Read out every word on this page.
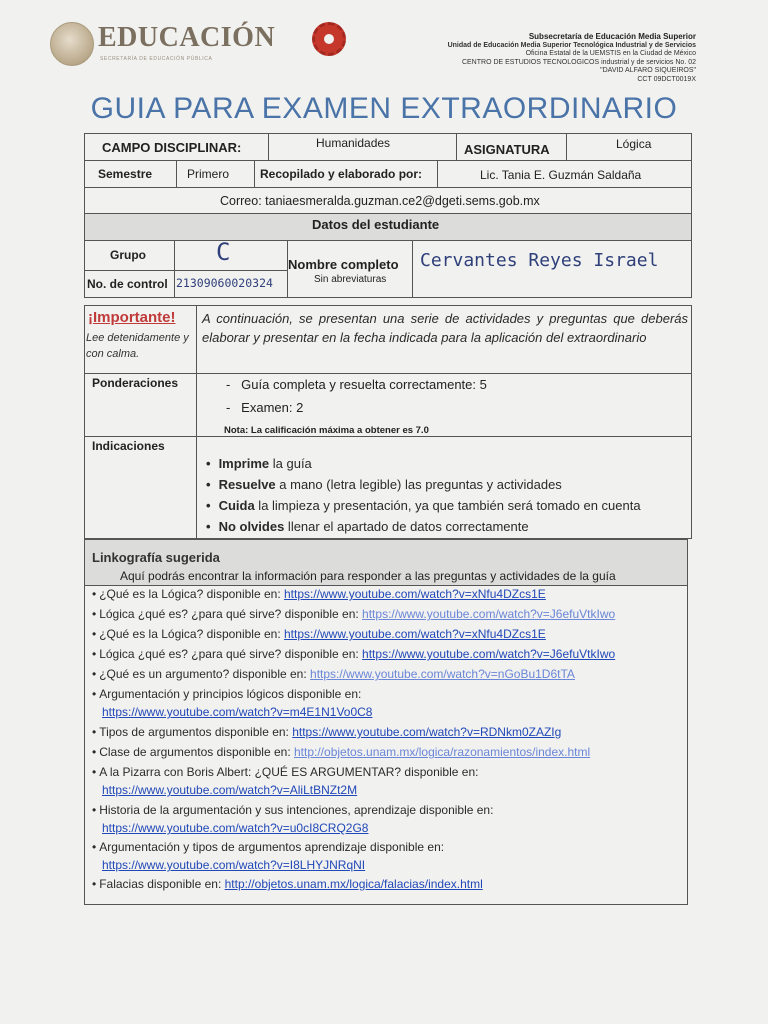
EDUCACIÓN
SECRETARÍA DE EDUCACIÓN PÚBLICA
Subsecretaría de Educación Media Superior
Unidad de Educación Media Superior Tecnológica Industrial y de Servicios
Oficina Estatal de la UEMSTIS en la Ciudad de México
CENTRO DE ESTUDIOS TECNOLOGICOS industrial y de servicios No. 02
"DAVID ALFARO SIQUEIROS"
CCT 09DCT0019X
GUIA PARA EXAMEN EXTRAORDINARIO
CAMPO DISCIPLINAR:	Humanidades	ASIGNATURA	Lógica
Semestre	Primero	Recopilado y elaborado por:	Lic. Tania E. Guzmán Saldaña
Correo: taniaesmeralda.guzman.ce2@dgeti.sems.gob.mx
Datos del estudiante
Grupo	C
No. de control 21309060020324
Nombre completo
Sin abreviaturas
Cervantes Reyes Israel
¡Importante!
Lee detenidamente y con calma.
A continuación, se presentan una serie de actividades y preguntas que deberás elaborar y presentar en la fecha indicada para la aplicación del extraordinario
Ponderaciones	-   Guía completa y resuelta correctamente: 5
-   Examen: 2
Nota: La calificación máxima a obtener es 7.0
Indicaciones
• Imprime la guía
• Resuelve a mano (letra legible) las preguntas y actividades
• Cuida la limpieza y presentación, ya que también será tomado en cuenta
• No olvides llenar el apartado de datos correctamente
Linkografía sugerida
Aquí podrás encontrar la información para responder a las preguntas y actividades de la guía
• ¿Qué es la Lógica? disponible en: https://www.youtube.com/watch?v=xNfu4DZcs1E
• Lógica ¿qué es? ¿para qué sirve? disponible en: https://www.youtube.com/watch?v=J6efuVtkIwo
• ¿Qué es la Lógica? disponible en: https://www.youtube.com/watch?v=xNfu4DZcs1E
• Lógica ¿qué es? ¿para qué sirve? disponible en: https://www.youtube.com/watch?v=J6efuVtkIwo
• ¿Qué es un argumento? disponible en: https://www.youtube.com/watch?v=nGoBu1D6tTA
• Argumentación y principios lógicos disponible en:
https://www.youtube.com/watch?v=m4E1N1Vo0C8
• Tipos de argumentos disponible en: https://www.youtube.com/watch?v=RDNkm0ZAZIg
• Clase de argumentos disponible en: http://objetos.unam.mx/logica/razonamientos/index.html
• A la Pizarra con Boris Albert: ¿QUÉ ES ARGUMENTAR? disponible en:
https://www.youtube.com/watch?v=AliLtBNZt2M
• Historia de la argumentación y sus intenciones, aprendizaje disponible en:
https://www.youtube.com/watch?v=u0cI8CRQ2G8
• Argumentación y tipos de argumentos aprendizaje disponible en:
https://www.youtube.com/watch?v=I8LHYJNRqNI
• Falacias disponible en: http://objetos.unam.mx/logica/falacias/index.html
